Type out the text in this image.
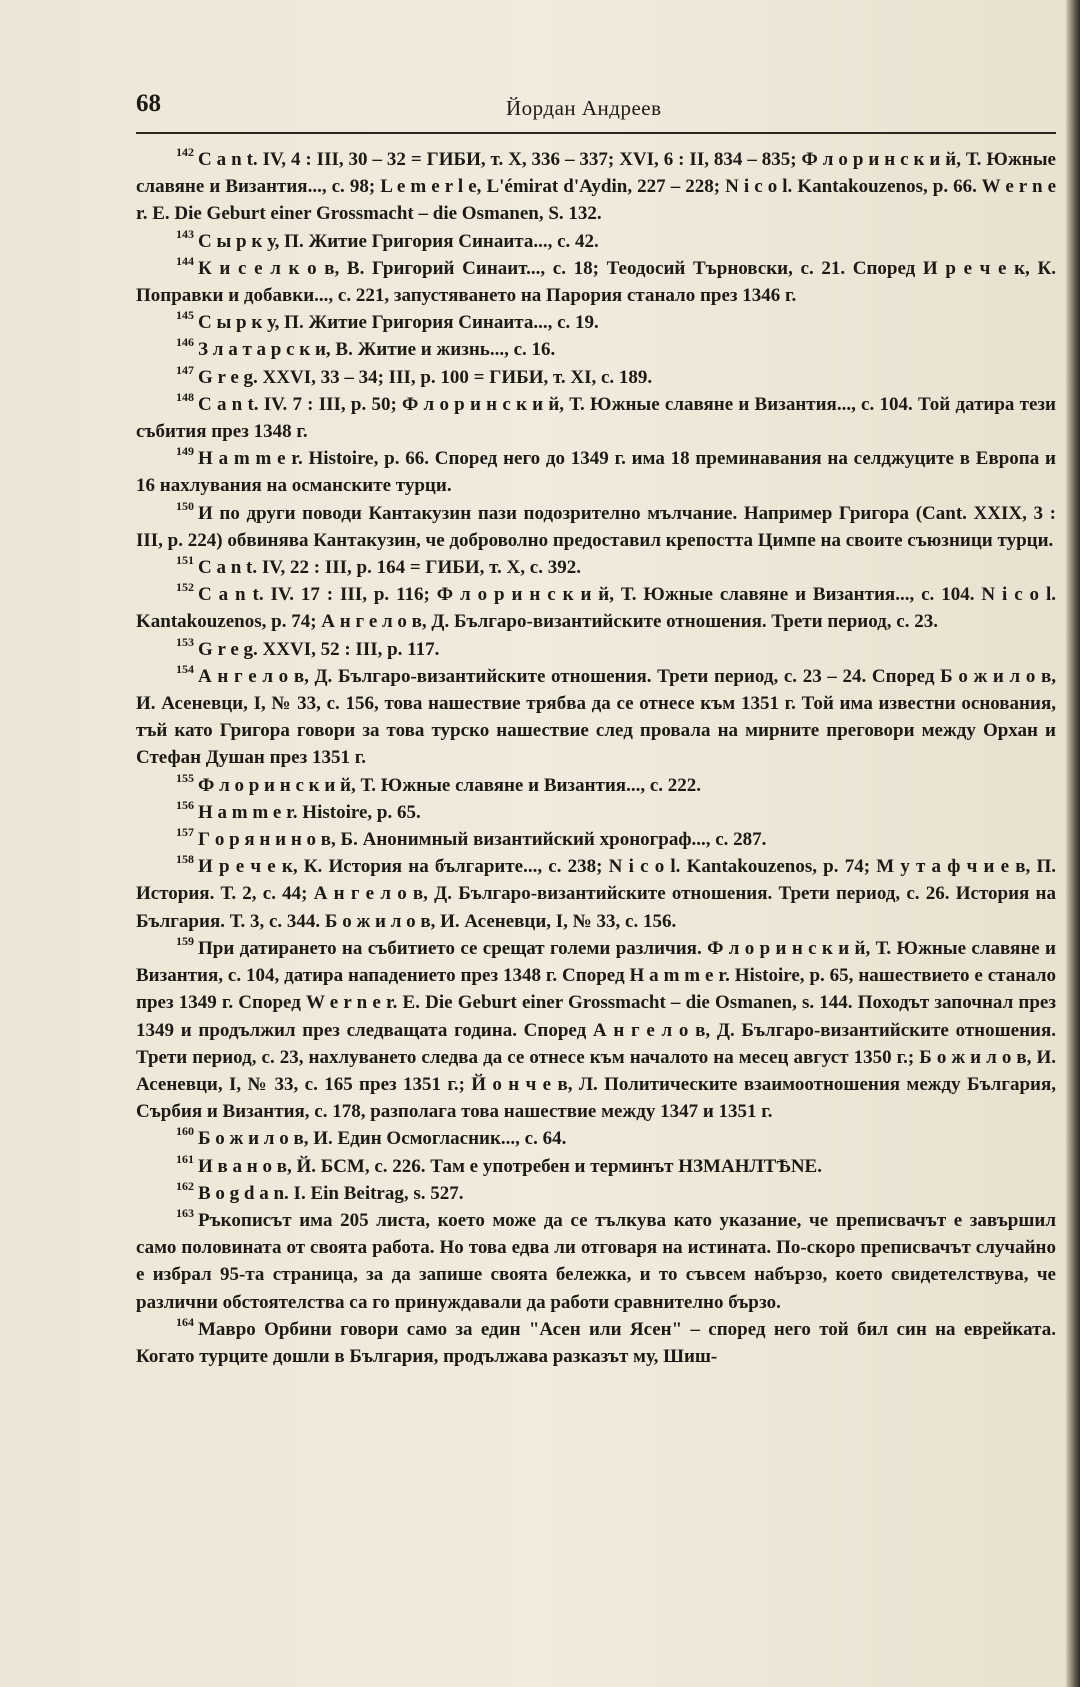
68	Йордан Андреев

$^{142}$ C a n t. IV, 4 : III, 30 – 32 = ГИБИ, т. X, 336 – 337; XVI, 6 : II, 834 – 835; Ф л о р и н с к и й, Т. Южные славяне и Византия..., с. 98; L e m e r l e, L'émirat d'Aydin, 227 – 228; N i c o l. Kantakouzenos, p. 66. W e r n e r. E. Die Geburt einer Grossmacht – die Osmanen, S. 132.

$^{143}$ С ы р к у, П. Житие Григория Синаита..., с. 42.

$^{144}$ К и с е л к о в, В. Григорий Синаит..., с. 18; Теодосий Търновски, с. 21. Според И р е ч е к, К. Поправки и добавки..., с. 221, запустяването на Парория станало през 1346 г.

$^{145}$ С ы р к у, П. Житие Григория Синаита..., с. 19.

$^{146}$ З л а т а р с к и, В. Житие и жизнь..., с. 16.

$^{147}$ G r e g. XXVI, 33 – 34; III, p. 100 = ГИБИ, т. XI, с. 189.

$^{148}$ C a n t. IV. 7 : III, p. 50; Ф л о р и н с к и й, Т. Южные славяне и Византия..., с. 104. Той датира тези събития през 1348 г.

$^{149}$ H a m m e r. Histoire, p. 66. Според него до 1349 г. има 18 преминавания на селджуците в Европа и 16 нахлувания на османските турци.

$^{150}$ И по други поводи Кантакузин пази подозрително мълчание. Например Григора (Cant. XXIX, 3 : III, p. 224) обвинява Кантакузин, че доброволно предоставил крепостта Цимпе на своите съюзници турци.

$^{151}$ C a n t. IV, 22 : III, p. 164 = ГИБИ, т. X, с. 392.

$^{152}$ C a n t. IV. 17 : III, p. 116; Ф л о р и н с к и й, Т. Южные славяне и Византия..., с. 104. N i c o l. Kantakouzenos, p. 74; А н г е л о в, Д. Българо-византийските отношения. Трети период, с. 23.

$^{153}$ G r e g. XXVI, 52 : III, p. 117.

$^{154}$ А н г е л о в, Д. Българо-византийските отношения. Трети период, с. 23 – 24. Според Б о ж и л о в, И. Асеневци, I, № 33, с. 156, това нашествие трябва да се отнесе към 1351 г. Той има известни основания, тъй като Григора говори за това турско нашествие след провала на мирните преговори между Орхан и Стефан Душан през 1351 г.

$^{155}$ Ф л о р и н с к и й, Т. Южные славяне и Византия..., с. 222.

$^{156}$ H a m m e r. Histoire, p. 65.

$^{157}$ Г о р я н и н о в, Б. Анонимный византийский хронограф..., с. 287.

$^{158}$ И р е ч е к, К. История на българите..., с. 238; N i c o l. Kantakouzenos, p. 74; М у т а ф ч и е в, П. История. Т. 2, с. 44; А н г е л о в, Д. Българо-византийските отношения. Трети период, с. 26. История на България. Т. 3, с. 344. Б о ж и л о в, И. Асеневци, I, № 33, с. 156.

$^{159}$ При датирането на събитието се срещат големи различия. Ф л о р и н с к и й, Т. Южные славяне и Византия, с. 104, датира нападението през 1348 г. Според H a m m e r. Histoire, p. 65, нашествието е станало през 1349 г. Според W e r n e r. E. Die Geburt einer Grossmacht – die Osmanen, s. 144. Походът започнал през 1349 и продължил през следващата година. Според А н г е л о в, Д. Българо-византийските отношения. Трети период, с. 23, нахлуването следва да се отнесе към началото на месец август 1350 г.; Б о ж и л о в, И. Асеневци, I, № 33, с. 165 през 1351 г.; Й о н ч е в, Л. Политическите взаимоотношения между България, Сърбия и Византия, с. 178, разполага това нашествие между 1347 и 1351 г.

$^{160}$ Б о ж и л о в, И. Един Осмогласник..., с. 64.

$^{161}$ И в а н о в, Й. БСМ, с. 226. Там е употребен и терминът НЗМАНЛТѢNЕ.

$^{162}$ B o g d a n. I. Ein Beitrag, s. 527.

$^{163}$ Ръкописът има 205 листа, което може да се тълкува като указание, че преписвачът е завършил само половината от своята работа. Но това едва ли отговаря на истината. По-скоро преписвачът случайно е избрал 95-та страница, за да запише своята бележка, и то съвсем набързо, което свидетелствува, че различни обстоятелства са го принуждавали да работи сравнително бързо.

$^{164}$ Мавро Орбини говори само за един "Асен или Ясен" – според него той бил син на еврейката. Когато турците дошли в България, продължава разказът му, Шиш-
